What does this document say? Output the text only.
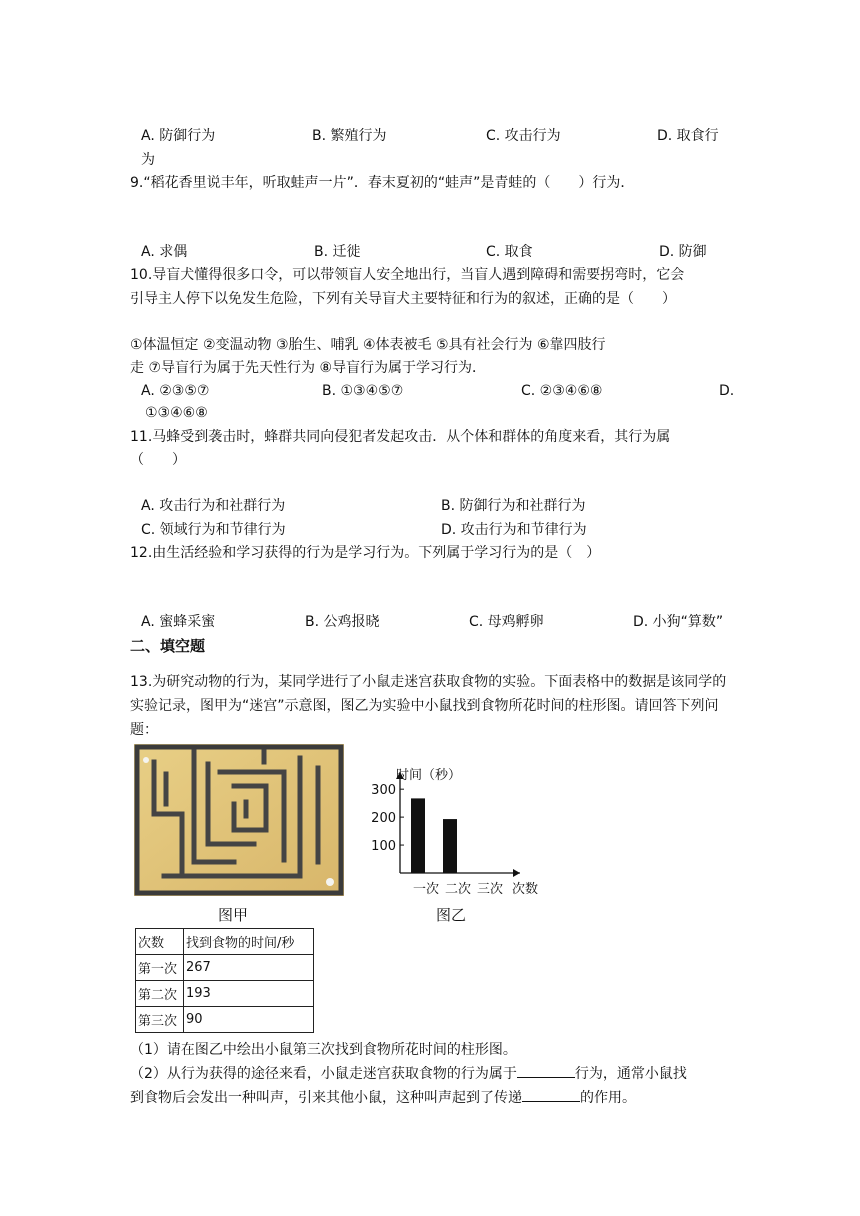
A. 防御行为	B. 繁殖行为	C. 攻击行为	D. 取食行
为
9.“稻花香里说丰年，听取蛙声一片”．春末夏初的“蛙声”是青蛙的（　　）行为．
A. 求偶	B. 迁徙	C. 取食	D. 防御
10.导盲犬懂得很多口令，可以带领盲人安全地出行，当盲人遇到障碍和需要拐弯时，它会
引导主人停下以免发生危险，下列有关导盲犬主要特征和行为的叙述，正确的是（　　）
①体温恒定 ②变温动物 ③胎生、哺乳 ④体表被毛 ⑤具有社会行为 ⑥靠四肢行
走 ⑦导盲行为属于先天性行为 ⑧导盲行为属于学习行为．
A. ②③⑤⑦	B. ①③④⑤⑦	C. ②③④⑥⑧	D.
①③④⑥⑧
11.马蜂受到袭击时，蜂群共同向侵犯者发起攻击．从个体和群体的角度来看，其行为属
（　　）
A. 攻击行为和社群行为	B. 防御行为和社群行为
C. 领域行为和节律行为	D. 攻击行为和节律行为
12.由生活经验和学习获得的行为是学习行为。下列属于学习行为的是（　）
A. 蜜蜂采蜜	B. 公鸡报晓	C. 母鸡孵卵	D. 小狗“算数”
二、填空题
13.为研究动物的行为，某同学进行了小鼠走迷宫获取食物的实验。下面表格中的数据是该同学的实验记录，图甲为“迷宫”示意图，图乙为实验中小鼠找到食物所花时间的柱形图。请回答下列问题：
图甲
时间（秒）
100
200
300
一次 二次 三次 次数
图乙
次数	找到食物的时间/秒
第一次	267
第二次	193
第三次	90
（1）请在图乙中绘出小鼠第三次找到食物所花时间的柱形图。
（2）从行为获得的途径来看，小鼠走迷宫获取食物的行为属于	行为，通常小鼠找
到食物后会发出一种叫声，引来其他小鼠，这种叫声起到了传递	的作用。
